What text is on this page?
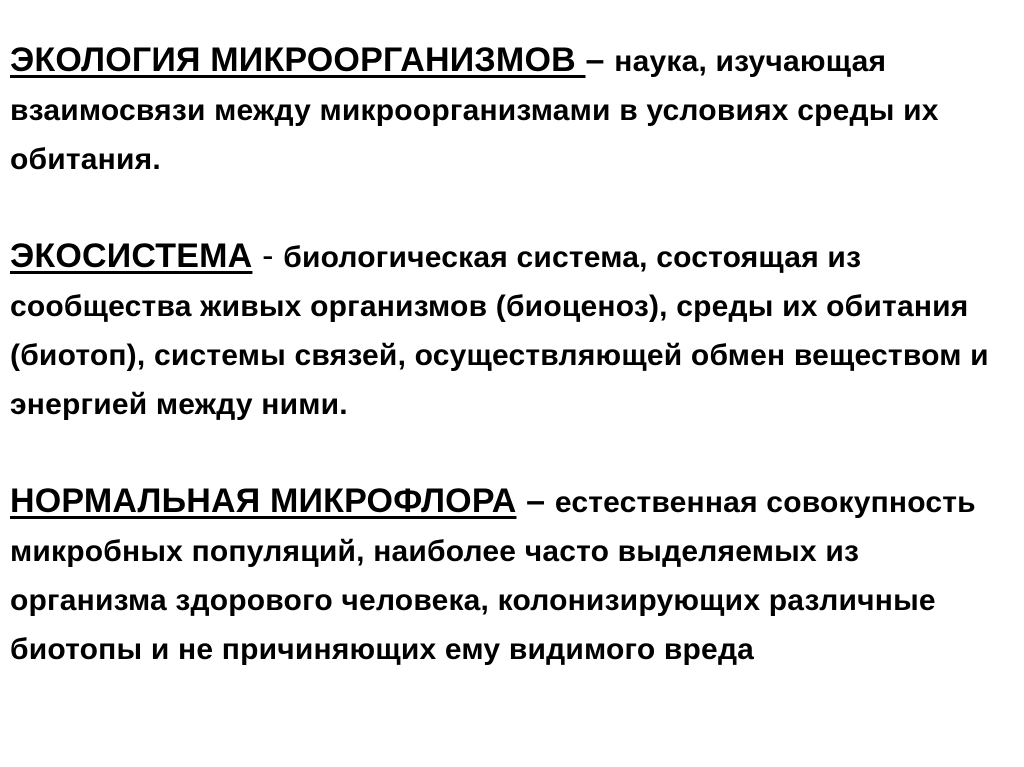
ЭКОЛОГИЯ МИКРООРГАНИЗМОВ – наука, изучающая взаимосвязи между микроорганизмами в условиях среды их обитания.

ЭКОСИСТЕМА - биологическая система, состоящая из сообщества живых организмов (биоценоз), среды их обитания (биотоп), системы связей, осуществляющей обмен веществом и энергией между ними.

НОРМАЛЬНАЯ МИКРОФЛОРА – естественная совокупность микробных популяций, наиболее часто выделяемых из организма здорового человека, колонизирующих различные биотопы и не причиняющих ему видимого вреда
